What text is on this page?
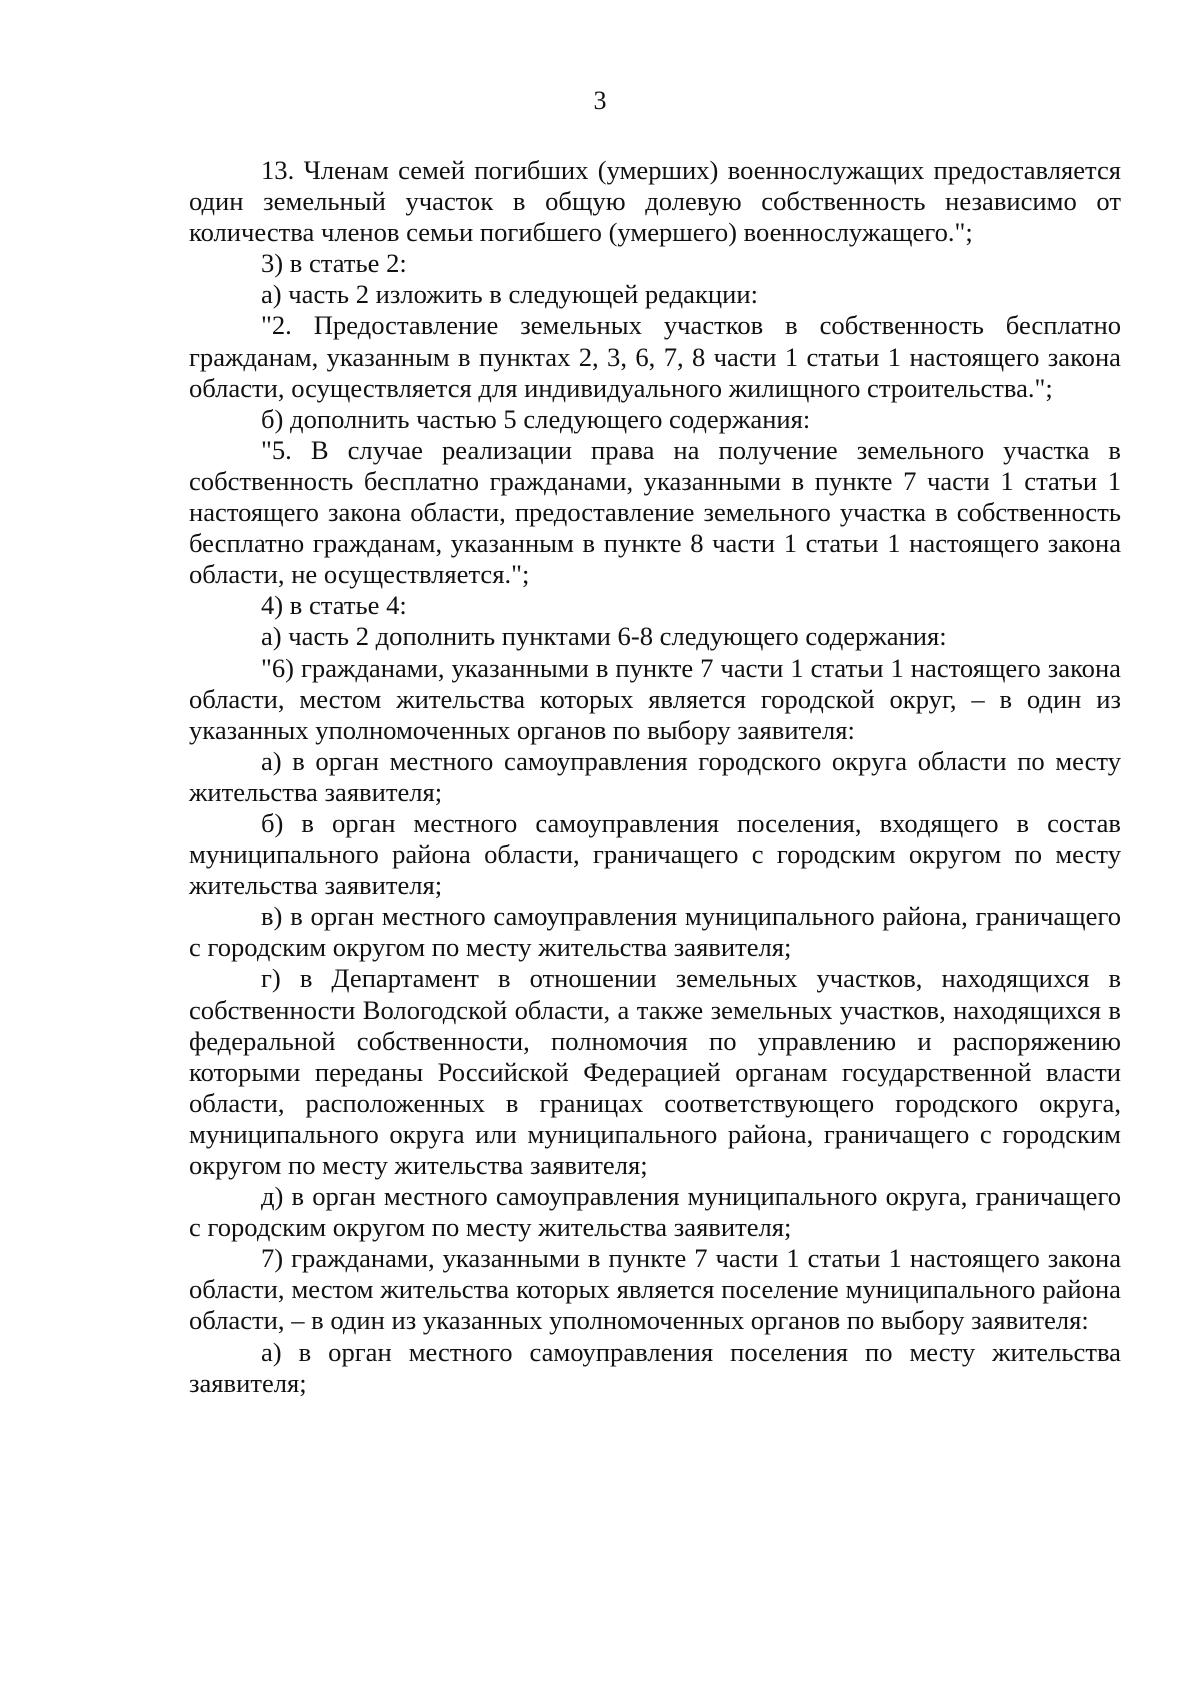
3

13. Членам семей погибших (умерших) военнослужащих предоставляется один земельный участок в общую долевую собственность независимо от количества членов семьи погибшего (умершего) военнослужащего.";

3) в статье 2:

а) часть 2 изложить в следующей редакции:

"2. Предоставление земельных участков в собственность бесплатно гражданам, указанным в пунктах 2, 3, 6, 7, 8 части 1 статьи 1 настоящего закона области, осуществляется для индивидуального жилищного строительства.";

б) дополнить частью 5 следующего содержания:

"5. В случае реализации права на получение земельного участка в собственность бесплатно гражданами, указанными в пункте 7 части 1 статьи 1 настоящего закона области, предоставление земельного участка в собственность бесплатно гражданам, указанным в пункте 8 части 1 статьи 1 настоящего закона области, не осуществляется.";

4) в статье 4:

а) часть 2 дополнить пунктами 6-8 следующего содержания:

"6) гражданами, указанными в пункте 7 части 1 статьи 1 настоящего закона области, местом жительства которых является городской округ, – в один из указанных уполномоченных органов по выбору заявителя:

а) в орган местного самоуправления городского округа области по месту жительства заявителя;

б) в орган местного самоуправления поселения, входящего в состав муниципального района области, граничащего с городским округом по месту жительства заявителя;

в) в орган местного самоуправления муниципального района, граничащего с городским округом по месту жительства заявителя;

г) в Департамент в отношении земельных участков, находящихся в собственности Вологодской области, а также земельных участков, находящихся в федеральной собственности, полномочия по управлению и распоряжению которыми переданы Российской Федерацией органам государственной власти области, расположенных в границах соответствующего городского округа, муниципального округа или муниципального района, граничащего с городским округом по месту жительства заявителя;

д) в орган местного самоуправления муниципального округа, граничащего с городским округом по месту жительства заявителя;

7) гражданами, указанными в пункте 7 части 1 статьи 1 настоящего закона области, местом жительства которых является поселение муниципального района области, – в один из указанных уполномоченных органов по выбору заявителя:

а) в орган местного самоуправления поселения по месту жительства заявителя;
